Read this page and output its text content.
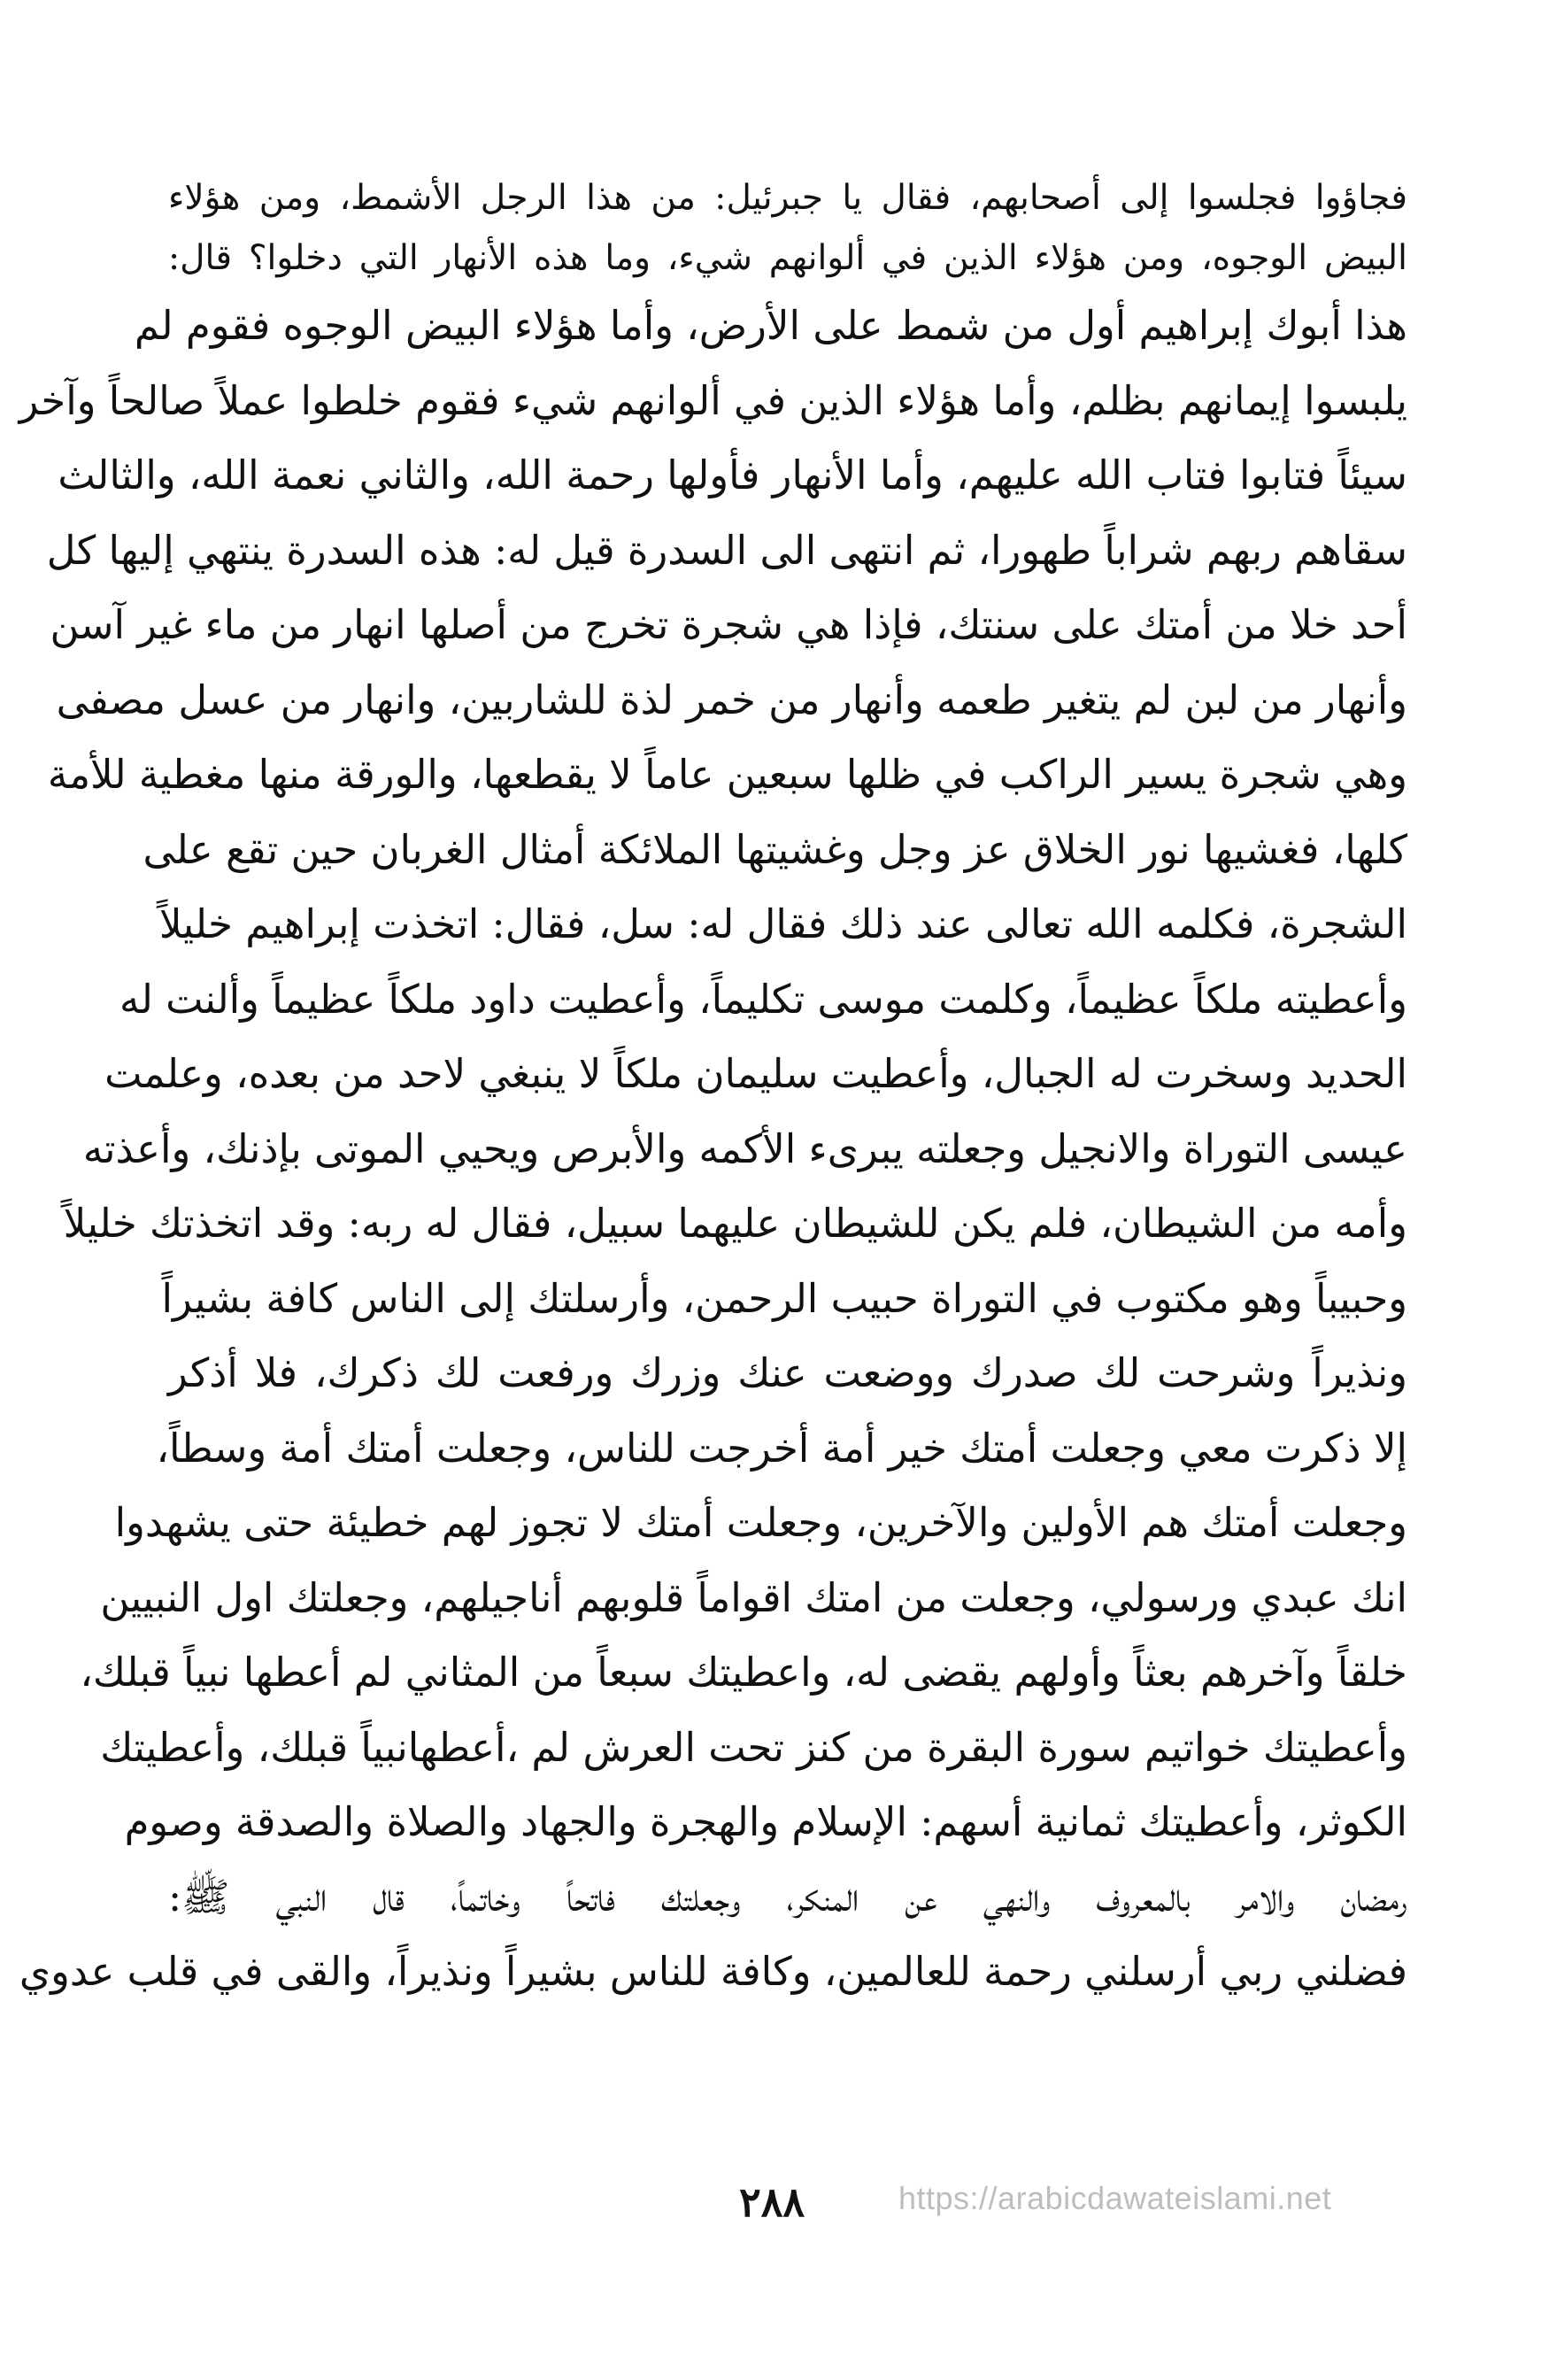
فجاؤوا فجلسوا إلى أصحابهم، فقال يا جبرئيل: من هذا الرجل الأشمط، ومن هؤلاء
البيض الوجوه، ومن هؤلاء الذين في ألوانهم شيء، وما هذه الأنهار التي دخلوا؟ قال:
هذا أبوك إبراهيم أول من شمط على الأرض، وأما هؤلاء البيض الوجوه فقوم لم
يلبسوا إيمانهم بظلم، وأما هؤلاء الذين في ألوانهم شيء فقوم خلطوا عملاً صالحاً وآخر
سيئاً فتابوا فتاب الله عليهم، وأما الأنهار فأولها رحمة الله، والثاني نعمة الله، والثالث
سقاهم ربهم شراباً طهورا، ثم انتهى الى السدرة قيل له: هذه السدرة ينتهي إليها كل
أحد خلا من أمتك على سنتك، فإذا هي شجرة تخرج من أصلها انهار من ماء غير آسن
وأنهار من لبن لم يتغير طعمه وأنهار من خمر لذة للشاربين، وانهار من عسل مصفى
وهي شجرة يسير الراكب في ظلها سبعين عاماً لا يقطعها، والورقة منها مغطية للأمة
كلها، فغشيها نور الخلاق عز وجل وغشيتها الملائكة أمثال الغربان حين تقع على
الشجرة، فكلمه الله تعالى عند ذلك فقال له: سل، فقال: اتخذت إبراهيم خليلاً
وأعطيته ملكاً عظيماً، وكلمت موسى تكليماً، وأعطيت داود ملكاً عظيماً وألنت له
الحديد وسخرت له الجبال، وأعطيت سليمان ملكاً لا ينبغي لاحد من بعده، وعلمت
عيسى التوراة والانجيل وجعلته يبرىء الأكمه والأبرص ويحيي الموتى بإذنك، وأعذته
وأمه من الشيطان، فلم يكن للشيطان عليهما سبيل، فقال له ربه: وقد اتخذتك خليلاً
وحبيباً وهو مكتوب في التوراة حبيب الرحمن، وأرسلتك إلى الناس كافة بشيراً
ونذيراً وشرحت لك صدرك ووضعت عنك وزرك ورفعت لك ذكرك، فلا أذكر
إلا ذكرت معي وجعلت أمتك خير أمة أخرجت للناس، وجعلت أمتك أمة وسطاً،
وجعلت أمتك هم الأولين والآخرين، وجعلت أمتك لا تجوز لهم خطيئة حتى يشهدوا
انك عبدي ورسولي، وجعلت من امتك اقواماً قلوبهم أناجيلهم، وجعلتك اول النبيين
خلقاً وآخرهم بعثاً وأولهم يقضى له، واعطيتك سبعاً من المثاني لم أعطها نبياً قبلك،
وأعطيتك خواتيم سورة البقرة من كنز تحت العرش لم ،أعطهانبياً قبلك، وأعطيتك
الكوثر، وأعطيتك ثمانية أسهم: الإسلام والهجرة والجهاد والصلاة والصدقة وصوم
رمضان والامر بالمعروف والنهي عن المنكر، وجعلتك فاتحاً وخاتماً، قال النبي ﷺ:
فضلني ربي أرسلني رحمة للعالمين، وكافة للناس بشيراً ونذيراً، والقى في قلب عدوي
٢٨٨	https://arabicdawateislami.net
